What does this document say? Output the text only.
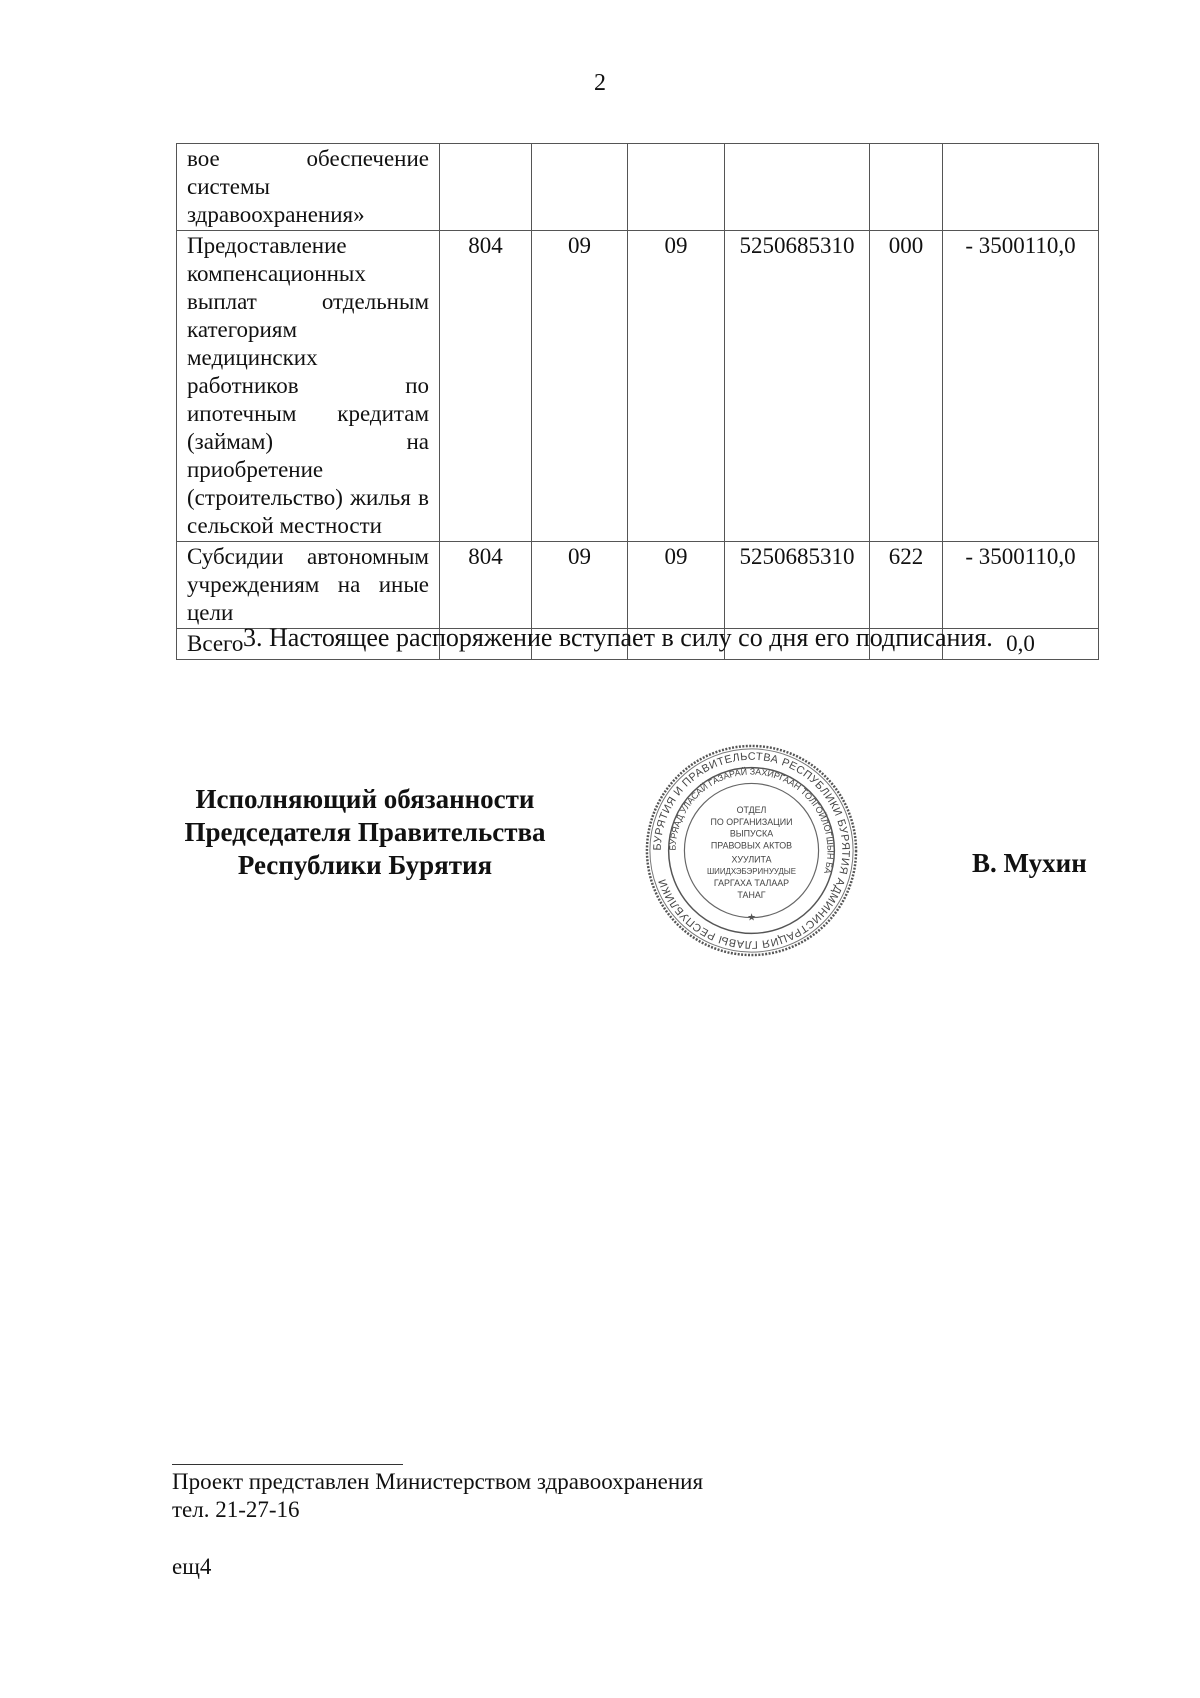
2
вое обеспечение системы здравоохранения»						
Предоставление компенсационных выплат отдельным категориям медицинских работников по ипотечным кредитам (займам) на приобретение (строительство) жилья в сельской местности	804	09	09	5250685310	000	- 3500110,0
Субсидии автономным учреждениям на иные цели	804	09	09	5250685310	622	- 3500110,0
Всего						0,0
3. Настоящее распоряжение вступает в силу со дня его подписания.
Исполняющий обязанности
Председателя Правительства
Республики Бурятия
БУРЯТИЯ И ПРАВИТЕЛЬСТВА РЕСПУБЛИКИ БУРЯТИЯ АДМИНИСТРАЦИЯ ГЛАВЫ РЕСПУБЛИКИ
БУРЯАД УЛАСАЙ ГАЗАРАЙ ЗАХИРГААН ТОЛГОЙЛОГШЫН БА
ОТДЕЛ
ПО ОРГАНИЗАЦИИ
ВЫПУСКА
ПРАВОВЫХ АКТОВ
ХУУЛИТА
ШИИДХЭБЭРИНУУДЫЕ
ГАРГАХА ТАЛААР
ТАНАГ
★
В. Мухин
Проект представлен Министерством здравоохранения
тел. 21-27-16
ещ4
